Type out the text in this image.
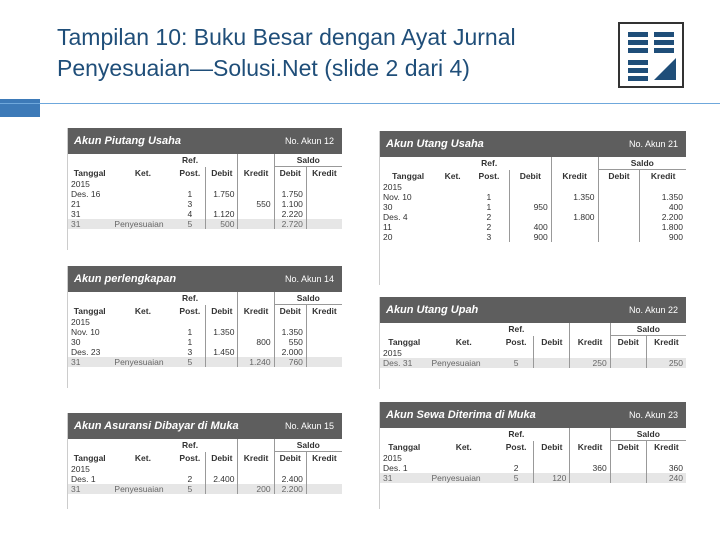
Tampilan 10: Buku Besar dengan Ayat Jurnal
Penyesuaian—Solusi.Net (slide 2 dari 4)
Akun Piutang Usaha	No. Akun 12
		Ref.			Saldo	
Tanggal	Ket.	Post.	Debit	Kredit	Debit	Kredit
2015						
Des. 16		1	1.750		1.750	
21		3		550	1.100	
31		4	1.120		2.220	
31	Penyesuaian	5	500		2.720	
Akun perlengkapan	No. Akun 14
		Ref.			Saldo	
Tanggal	Ket.	Post.	Debit	Kredit	Debit	Kredit
2015						
Nov. 10		1	1.350		1.350	
30		1		800	550	
Des. 23		3	1.450		2.000	
31	Penyesuaian	5		1.240	760	
Akun Asuransi Dibayar di Muka	No. Akun 15
		Ref.			Saldo	
Tanggal	Ket.	Post.	Debit	Kredit	Debit	Kredit
2015						
Des. 1		2	2.400		2.400	
31	Penyesuaian	5		200	2.200	
Akun Utang Usaha	No. Akun 21
		Ref.			Saldo	
Tanggal	Ket.	Post.	Debit	Kredit	Debit	Kredit
2015						
Nov. 10		1		1.350		1.350
30		1	950			400
Des. 4		2		1.800		2.200
11		2	400			1.800
20		3	900			900
Akun Utang Upah	No. Akun 22
		Ref.			Saldo	
Tanggal	Ket.	Post.	Debit	Kredit	Debit	Kredit
2015						
Des. 31	Penyesuaian	5		250		250
Akun Sewa Diterima di Muka	No. Akun 23
		Ref.			Saldo	
Tanggal	Ket.	Post.	Debit	Kredit	Debit	Kredit
2015						
Des. 1		2		360		360
31	Penyesuaian	5	120			240
